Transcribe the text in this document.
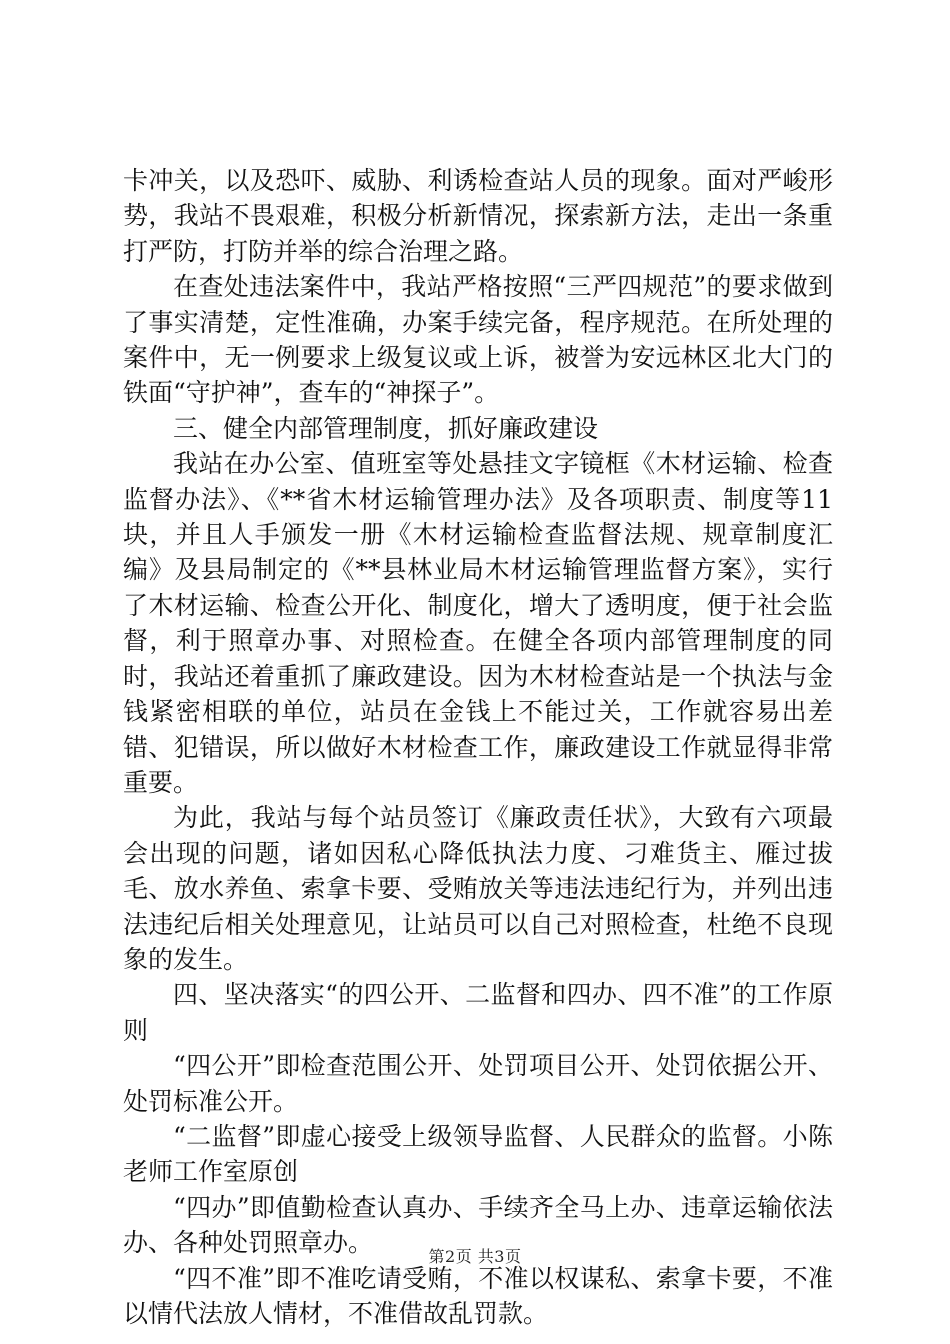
卡冲关，以及恐吓、威胁、利诱检查站人员的现象。面对严峻形势，我站不畏艰难，积极分析新情况，探索新方法，走出一条重打严防，打防并举的综合治理之路。

在查处违法案件中，我站严格按照“三严四规范”的要求做到了事实清楚，定性准确，办案手续完备，程序规范。在所处理的案件中，无一例要求上级复议或上诉，被誉为安远林区北大门的铁面“守护神”，查车的“神探子”。

三、健全内部管理制度，抓好廉政建设

我站在办公室、值班室等处悬挂文字镜框《木材运输、检查监督办法》、《**省木材运输管理办法》及各项职责、制度等11块，并且人手颁发一册《木材运输检查监督法规、规章制度汇编》及县局制定的《**县林业局木材运输管理监督方案》，实行了木材运输、检查公开化、制度化，增大了透明度，便于社会监督，利于照章办事、对照检查。在健全各项内部管理制度的同时，我站还着重抓了廉政建设。因为木材检查站是一个执法与金钱紧密相联的单位，站员在金钱上不能过关，工作就容易出差错、犯错误，所以做好木材检查工作，廉政建设工作就显得非常重要。

为此，我站与每个站员签订《廉政责任状》，大致有六项最会出现的问题，诸如因私心降低执法力度、刁难货主、雁过拔毛、放水养鱼、索拿卡要、受贿放关等违法违纪行为，并列出违法违纪后相关处理意见，让站员可以自己对照检查，杜绝不良现象的发生。

四、坚决落实“的四公开、二监督和四办、四不准”的工作原则

“四公开”即检查范围公开、处罚项目公开、处罚依据公开、处罚标准公开。

“二监督”即虚心接受上级领导监督、人民群众的监督。小陈老师工作室原创

“四办”即值勤检查认真办、手续齐全马上办、违章运输依法办、各种处罚照章办。

“四不准”即不准吃请受贿，不准以权谋私、索拿卡要，不准以情代法放人情材，不准借故乱罚款。

第2页 共3页
